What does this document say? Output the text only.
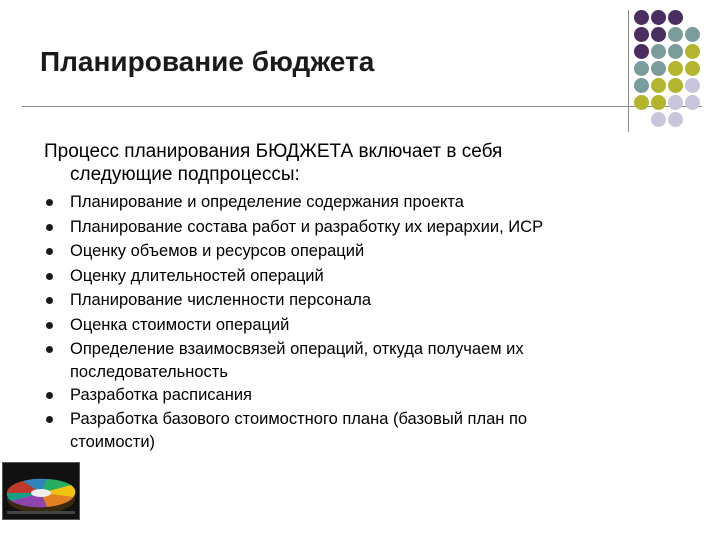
Планирование бюджета
Процесс планирования БЮДЖЕТА включает в себя
следующие подпроцессы:
Планирование и определение содержания проекта
Планирование состава работ и разработку их иерархии, ИСР
Оценку объемов и ресурсов операций
Оценку длительностей операций
Планирование численности персонала
Оценка стоимости операций
Определение взаимосвязей операций, откуда получаем их
последовательность
Разработка расписания
Разработка базового стоимостного плана (базовый план по
стоимости)
